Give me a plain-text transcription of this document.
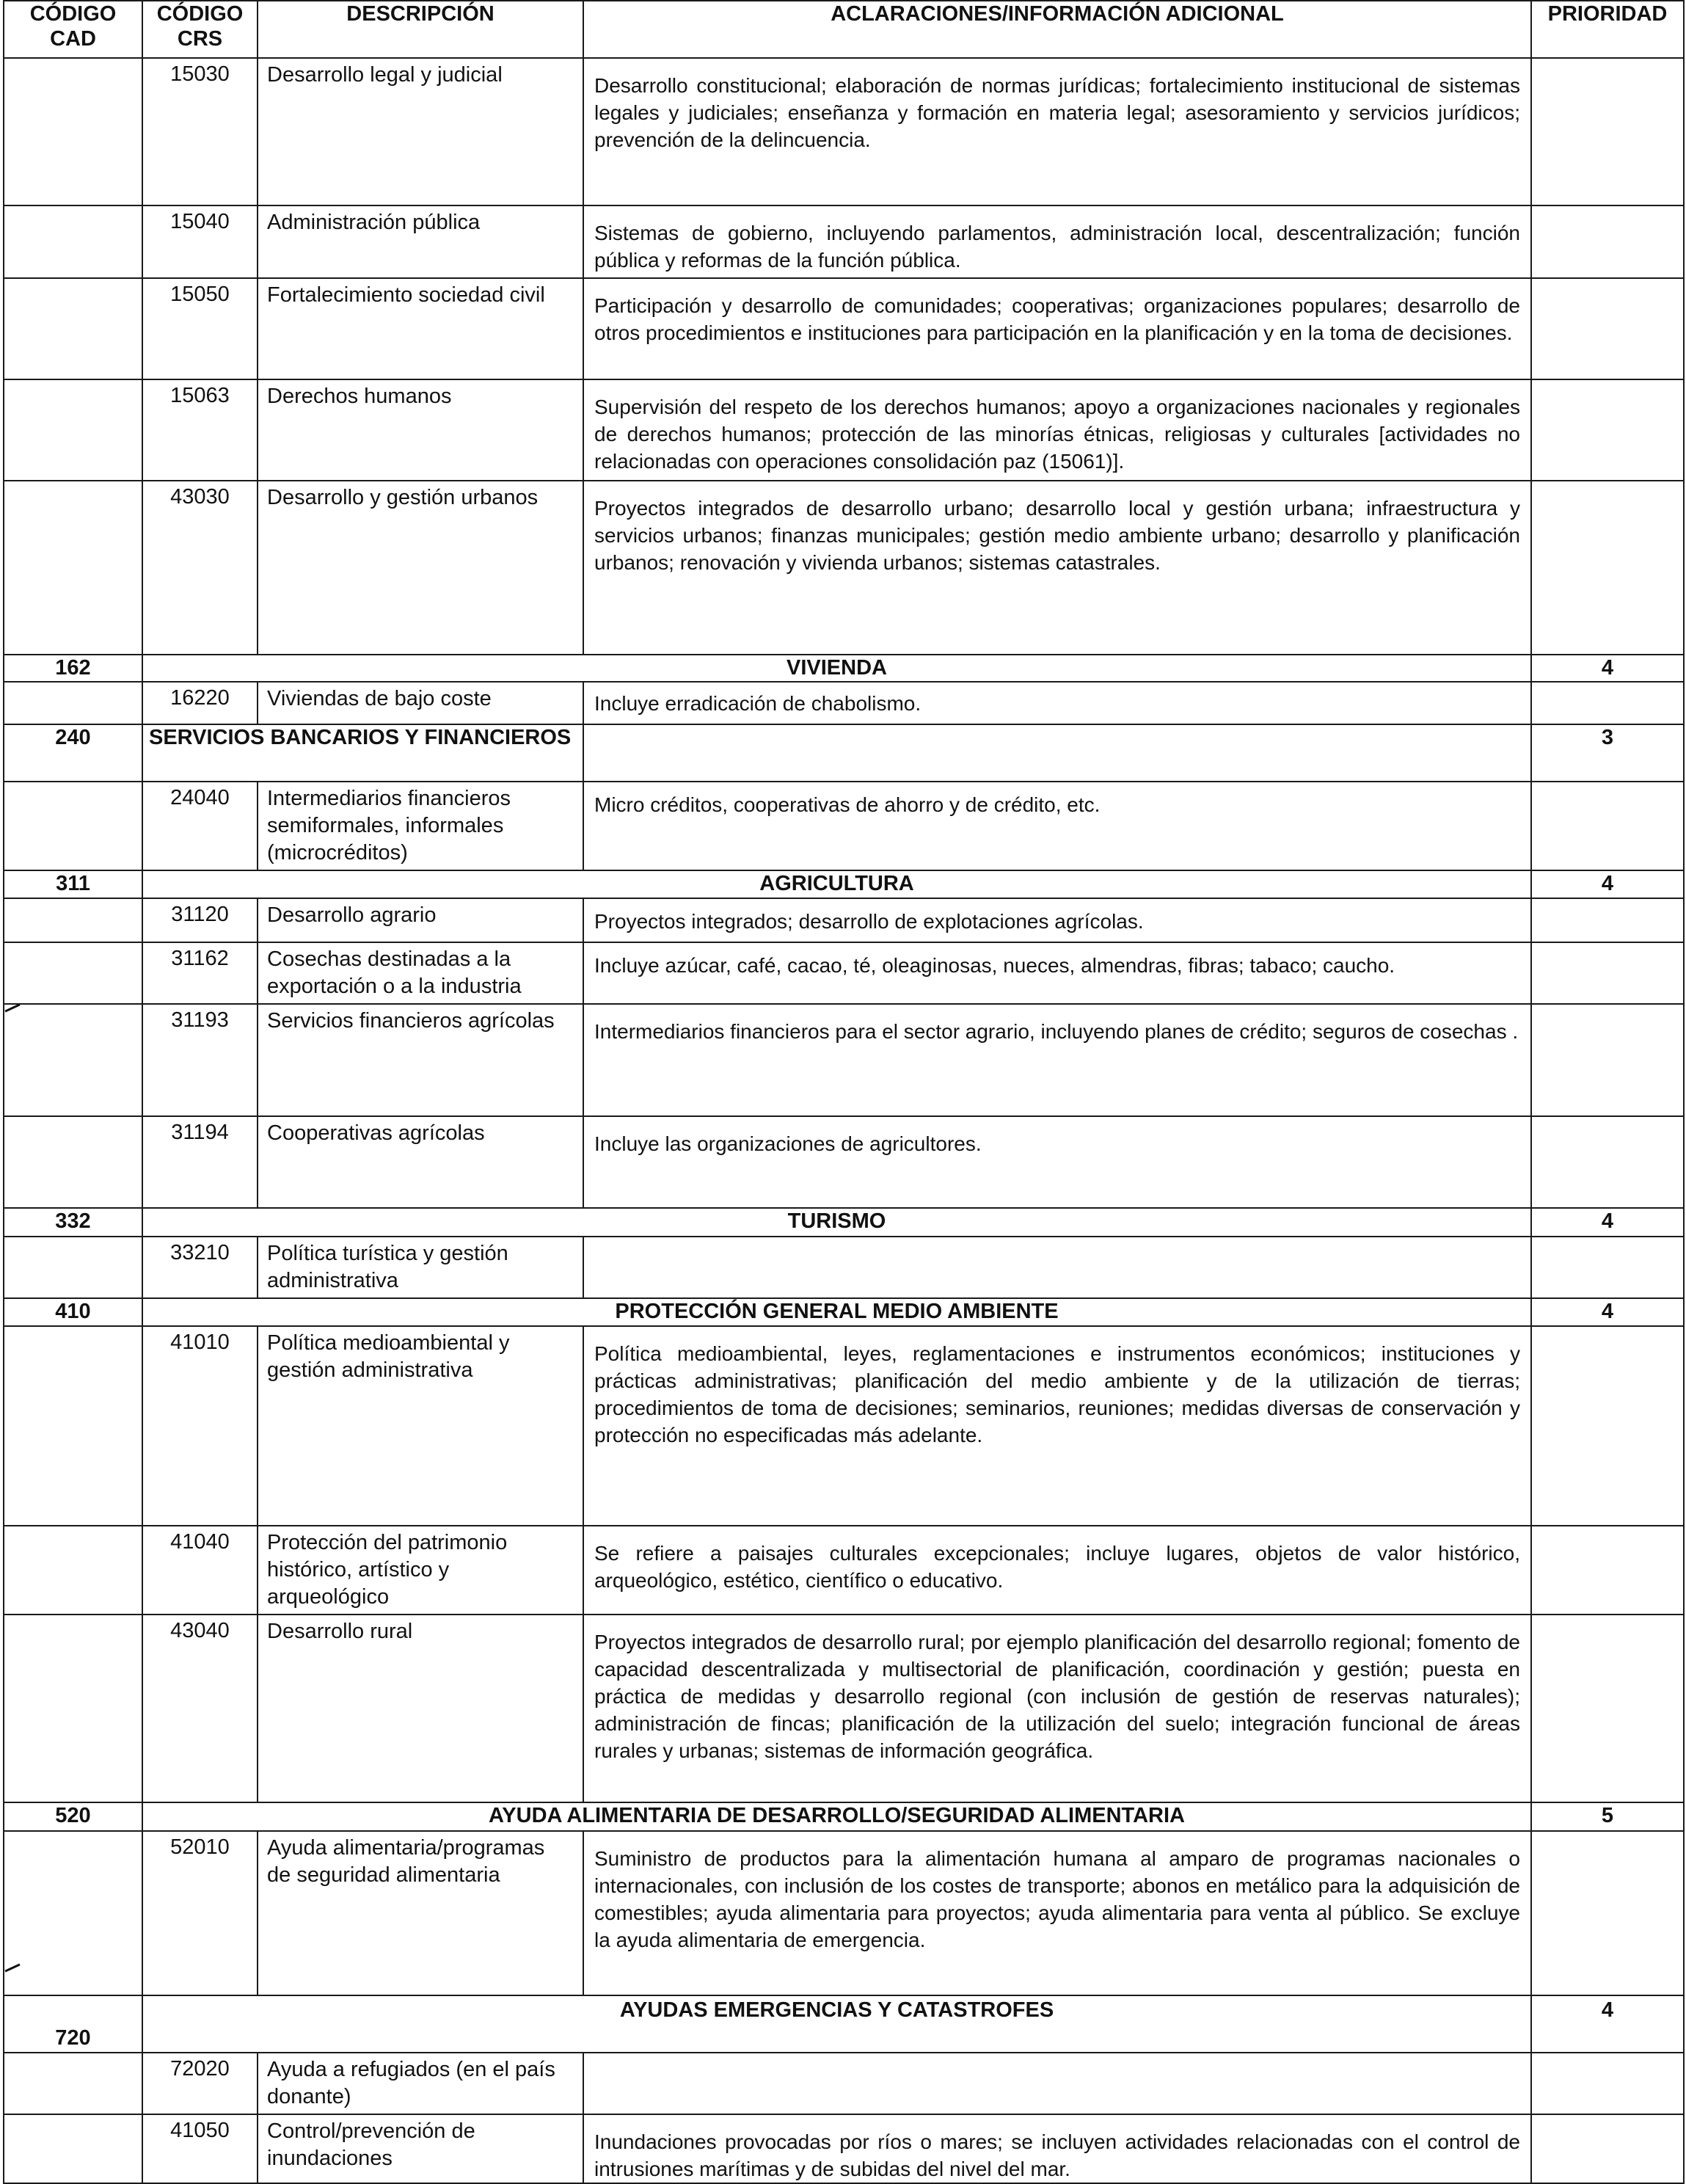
CÓDIGO CAD	CÓDIGO CRS	DESCRIPCIÓN	ACLARACIONES/INFORMACIÓN ADICIONAL	PRIORIDAD
	15030	Desarrollo legal y judicial	Desarrollo constitucional; elaboración de normas jurídicas; fortalecimiento institucional de sistemas legales y judiciales; enseñanza y formación en materia legal; asesoramiento y servicios jurídicos; prevención de la delincuencia.	
	15040	Administración pública	Sistemas de gobierno, incluyendo parlamentos, administración local, descentralización; función pública y reformas de la función pública.	
	15050	Fortalecimiento sociedad civil	Participación y desarrollo de comunidades; cooperativas; organizaciones populares; desarrollo de otros procedimientos e instituciones para participación en la planificación y en la toma de decisiones.	
	15063	Derechos humanos	Supervisión del respeto de los derechos humanos; apoyo a organizaciones nacionales y regionales de derechos humanos; protección de las minorías étnicas, religiosas y culturales [actividades no relacionadas con operaciones consolidación paz (15061)].	
	43030	Desarrollo y gestión urbanos	Proyectos integrados de desarrollo urbano; desarrollo local y gestión urbana; infraestructura y servicios urbanos; finanzas municipales; gestión medio ambiente urbano; desarrollo y planificación urbanos; renovación y vivienda urbanos; sistemas catastrales.	
162	VIVIENDA			4
	16220	Viviendas de bajo coste	Incluye erradicación de chabolismo.	
240	SERVICIOS BANCARIOS Y FINANCIEROS			3
	24040	Intermediarios financieros semiformales, informales (microcréditos)	Micro créditos, cooperativas de ahorro y de crédito, etc.	
311	AGRICULTURA			4
	31120	Desarrollo agrario	Proyectos integrados; desarrollo de explotaciones agrícolas.	
	31162	Cosechas destinadas a la exportación o a la industria	Incluye azúcar, café, cacao, té, oleaginosas, nueces, almendras, fibras; tabaco; caucho.	
	31193	Servicios financieros agrícolas	Intermediarios financieros para el sector agrario, incluyendo planes de crédito; seguros de cosechas .	
	31194	Cooperativas agrícolas	Incluye las organizaciones de agricultores.	
332	TURISMO			4
	33210	Política turística y gestión administrativa		
410	PROTECCIÓN GENERAL MEDIO AMBIENTE			4
	41010	Política medioambiental y gestión administrativa	Política medioambiental, leyes, reglamentaciones e instrumentos económicos; instituciones y prácticas administrativas; planificación del medio ambiente y de la utilización de tierras; procedimientos de toma de decisiones; seminarios, reuniones; medidas diversas de conservación y protección no especificadas más adelante.	
	41040	Protección del patrimonio histórico, artístico y arqueológico	Se refiere a paisajes culturales excepcionales; incluye lugares, objetos de valor histórico, arqueológico, estético, científico o educativo.	
	43040	Desarrollo rural	Proyectos integrados de desarrollo rural; por ejemplo planificación del desarrollo regional; fomento de capacidad descentralizada y multisectorial de planificación, coordinación y gestión; puesta en práctica de medidas y desarrollo regional (con inclusión de gestión de reservas naturales); administración de fincas; planificación de la utilización del suelo; integración funcional de áreas rurales y urbanas; sistemas de información geográfica.	
520	AYUDA ALIMENTARIA DE DESARROLLO/SEGURIDAD ALIMENTARIA			5
	52010	Ayuda alimentaria/programas de seguridad alimentaria	Suministro de productos para la alimentación humana al amparo de programas nacionales o internacionales, con inclusión de los costes de transporte; abonos en metálico para la adquisición de comestibles; ayuda alimentaria para proyectos; ayuda alimentaria para venta al público. Se excluye la ayuda alimentaria de emergencia.	
720	AYUDAS EMERGENCIAS Y CATASTROFES			4
	72020	Ayuda a refugiados (en el país donante)		
	41050	Control/prevención de inundaciones	Inundaciones provocadas por ríos o mares; se incluyen actividades relacionadas con el control de intrusiones marítimas y de subidas del nivel del mar.	
